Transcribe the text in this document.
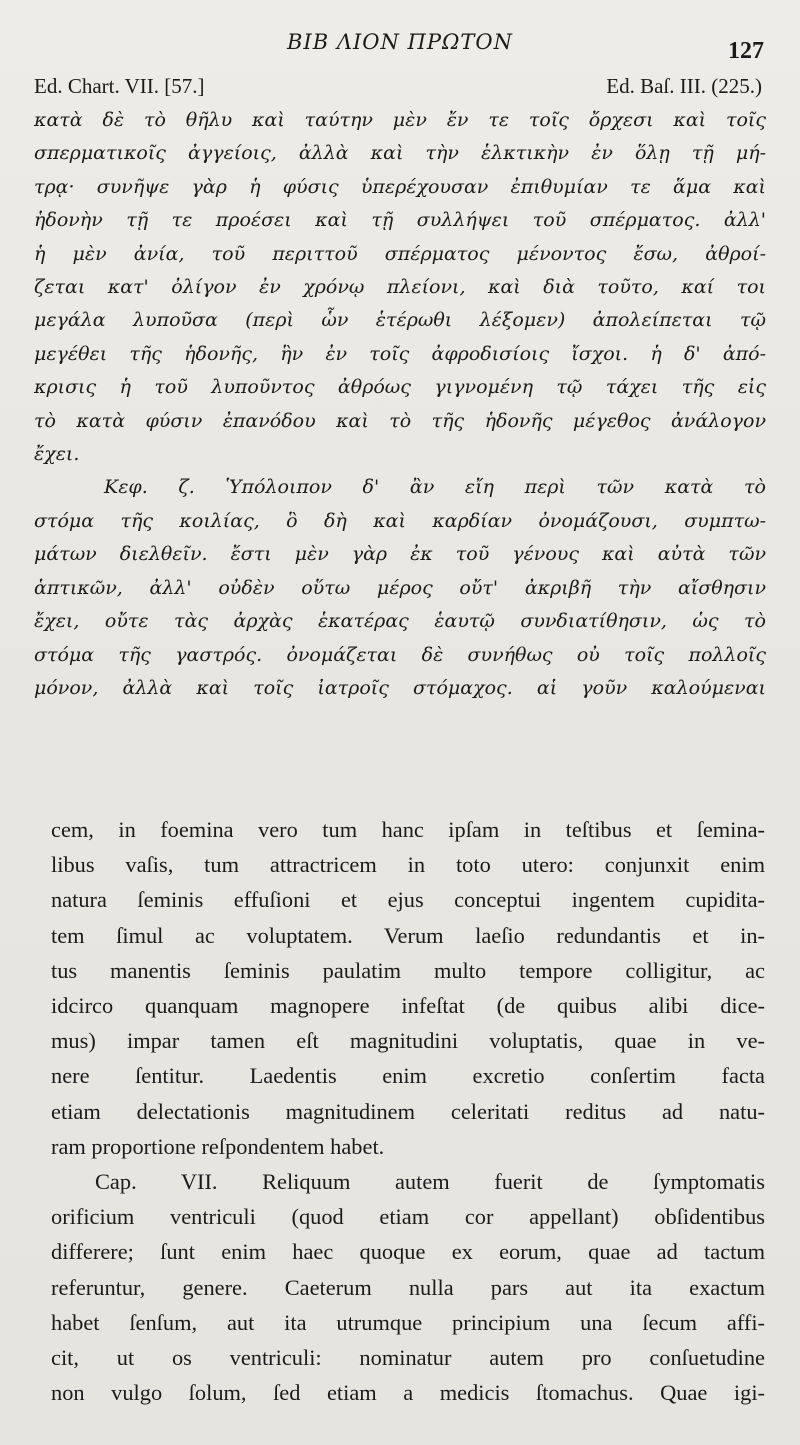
ΒΙΒ ΛΙΟΝ ΠΡΩΤΟΝ	127
Ed. Chart. VII. [57.]	Ed. Baſ. III. (225.)
κατὰ δὲ τὸ θῆλυ καὶ ταύτην μὲν ἔν τε τοῖς ὄρχεσι καὶ τοῖς
σπερματικοῖς ἀγγείοις, ἀλλὰ καὶ τὴν ἑλκτικὴν ἐν ὅλῃ τῇ μή-
τρᾳ· συνῆψε γὰρ ἡ φύσις ὑπερέχουσαν ἐπιθυμίαν τε ἅμα καὶ
ἡδονὴν τῇ τε προέσει καὶ τῇ συλλήψει τοῦ σπέρματος. ἀλλ'
ἡ μὲν ἀνία, τοῦ περιττοῦ σπέρματος μένοντος ἔσω, ἀθροί-
ζεται κατ' ὀλίγον ἐν χρόνῳ πλείονι, καὶ διὰ τοῦτο, καί τοι
μεγάλα λυποῦσα (περὶ ὧν ἑτέρωθι λέξομεν) ἀπολείπεται τῷ
μεγέθει τῆς ἡδονῆς, ἣν ἐν τοῖς ἀφροδισίοις ἴσχοι. ἡ δ' ἀπό-
κρισις ἡ τοῦ λυποῦντος ἀθρόως γιγνομένη τῷ τάχει τῆς εἰς
τὸ κατὰ φύσιν ἐπανόδου καὶ τὸ τῆς ἡδονῆς μέγεθος ἀνάλογον
ἔχει.
Κεφ. ζ. Ὑπόλοιπον δ' ἂν εἴη περὶ τῶν κατὰ τὸ
στόμα τῆς κοιλίας, ὃ δὴ καὶ καρδίαν ὀνομάζουσι, συμπτω-
μάτων διελθεῖν. ἔστι μὲν γὰρ ἐκ τοῦ γένους καὶ αὐτὰ τῶν
ἁπτικῶν, ἀλλ' οὐδὲν οὕτω μέρος οὔτ' ἀκριβῆ τὴν αἴσθησιν
ἔχει, οὔτε τὰς ἀρχὰς ἑκατέρας ἑαυτῷ συνδιατίθησιν, ὡς τὸ
στόμα τῆς γαστρός. ὀνομάζεται δὲ συνήθως οὐ τοῖς πολλοῖς
μόνον, ἀλλὰ καὶ τοῖς ἰατροῖς στόμαχος. αἱ γοῦν καλούμεναι
cem, in foemina vero tum hanc ipſam in teſtibus et ſemina-
libus vaſis, tum attractricem in toto utero: conjunxit enim
natura ſeminis effuſioni et ejus conceptui ingentem cupidita-
tem ſimul ac voluptatem. Verum laeſio redundantis et in-
tus manentis ſeminis paulatim multo tempore colligitur, ac
idcirco quanquam magnopere infeſtat (de quibus alibi dice-
mus) impar tamen eſt magnitudini voluptatis, quae in ve-
nere ſentitur. Laedentis enim excretio conſertim facta
etiam delectationis magnitudinem celeritati reditus ad natu-
ram proportione reſpondentem habet.
Cap. VII. Reliquum autem fuerit de ſymptomatis
orificium ventriculi (quod etiam cor appellant) obſidentibus
differere; ſunt enim haec quoque ex eorum, quae ad tactum
referuntur, genere. Caeterum nulla pars aut ita exactum
habet ſenſum, aut ita utrumque principium una ſecum affi-
cit, ut os ventriculi: nominatur autem pro conſuetudine
non vulgo ſolum, ſed etiam a medicis ſtomachus. Quae igi-
